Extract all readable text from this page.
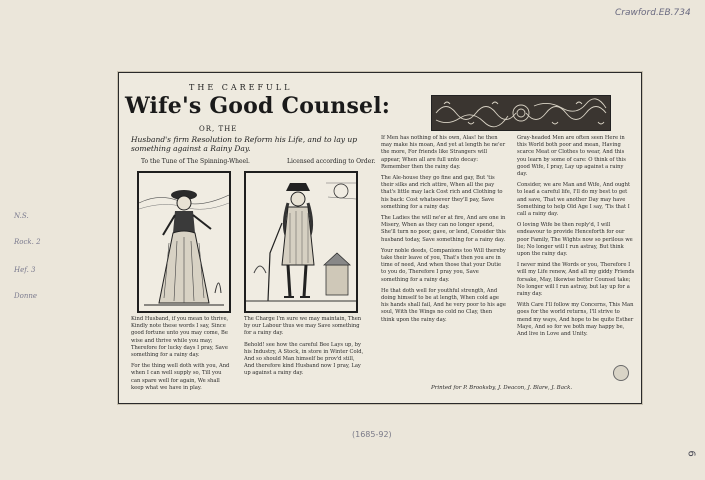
Crawford.EB.734
6
(1685-92)
N.S.
Rock. 2
Hef. 3
Donne
THE CAREFULL
Wife's Good Counsel:
OR, THE
Husband's firm Resolution to Reform his Life, and to lay up something against a Rainy Day.
To the Tune of The Spinning-Wheel.	Licensed according to Order.

Kind Husband, if you mean to thrive, Kindly note these words I say, Since good fortune unto you may come, Be wise and thrive while you may; Therefore for lucky days I pray, Save something for a rainy day.

For the thing well doth with you, And when I can well supply so, Till you can spare well for again, We shall keep what we have in play.

The Charge I'm sure we may maintain, Then by our Labour thus we may Save something for a rainy day.

Behold! see how the careful Bee Lays up, by his Industry, A Stock, in store in Winter Cold, And so should Man himself be prov'd still, And therefore kind Husband now I pray, Lay up against a rainy day.

If Men has nothing of his own, Alas! he then may make his moan, And yet at length he ne'er the more, For friends like Strangers will appear, When all are full unto decay: Remember then the rainy day.

The Ale-house they go fine and gay, But 'tis their silks and rich attire, When all the pay that's little may lack Cost rich and Clothing to his back: Cost whatsoever they'll pay, Save something for a rainy day.

The Ladies the will ne'er at fire, And are one in Misery, When as they can no longer spend, She'll turn no poor, gave, or lend, Consider this husband today, Save something for a rainy day.

Your noble deeds, Companions too Will thereby take their leave of you, That's then you are in time of need, And when those that your Dutie to you do, Therefore I pray you, Save something for a rainy day.

He that doth well for youthful strength, And doing himself to be at length, When cold age his hands shall fail, And he very poor to his age soul, With the Wings no cold no Clay, then think upon the rainy day.

Gray-headed Men are often seen Here in this World both poor and mean, Having scarce Meat or Clothes to wear, And this you learn by some of care: O think of this good Wife, I pray, Lay up against a rainy day.

Consider, we are Man and Wife, And ought to lead a careful life, I'll do my best to get and save, That we another Day may have Something to help Old Age I say, 'Tis that I call a rainy day.

O loving Wife be then reply'd, I will endeavour to provide Henceforth for our poor Family, The Wights now so perilous we lie; No longer will I run astray, But think upon the rainy day.

I never mind the Words or you, Therefore I will my Life renew, And all my giddy Friends forsake, May, likewise better Counsel take; No longer will I run astray, but lay up for a rainy day.

With Care I'll follow my Concerns, This Man goes for the world returns, I'll strive to mend my ways, And hope to be quite Esther Maye, And so for we both may happy be, And live in Love and Unity.

Printed for P. Brooksby, J. Deacon, J. Blare, J. Back.
